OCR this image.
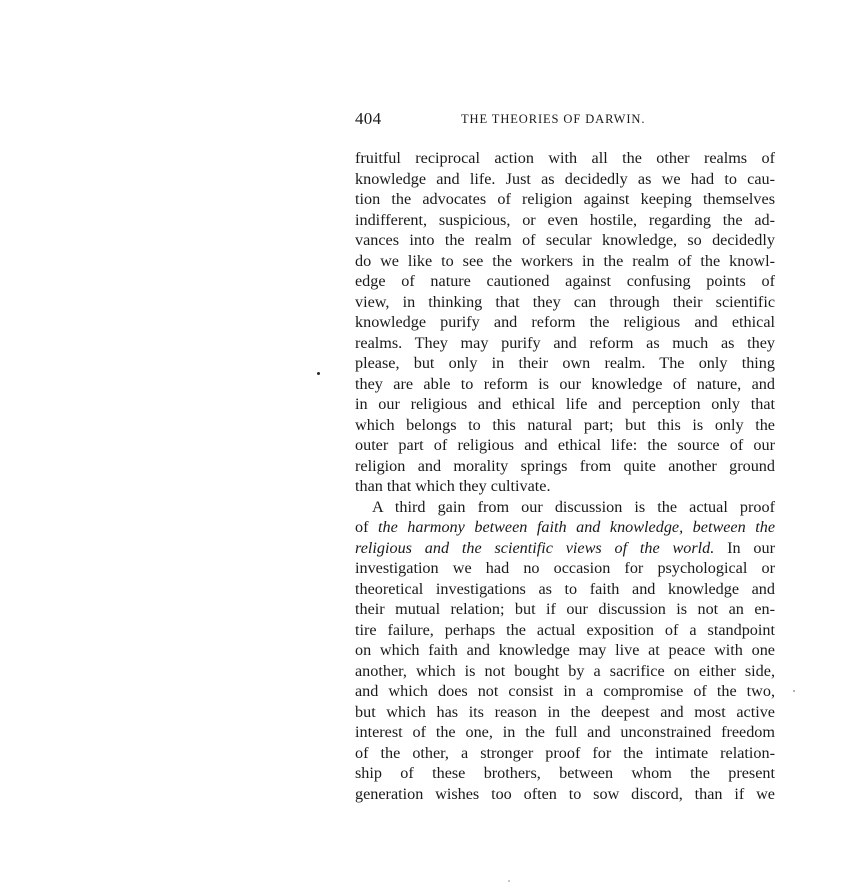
404	THE THEORIES OF DARWIN.
fruitful reciprocal action with all the other realms of
knowledge and life. Just as decidedly as we had to cau-
tion the advocates of religion against keeping themselves
indifferent, suspicious, or even hostile, regarding the ad-
vances into the realm of secular knowledge, so decidedly
do we like to see the workers in the realm of the knowl-
edge of nature cautioned against confusing points of
view, in thinking that they can through their scientific
knowledge purify and reform the religious and ethical
realms. They may purify and reform as much as they
please, but only in their own realm. The only thing
they are able to reform is our knowledge of nature, and
in our religious and ethical life and perception only that
which belongs to this natural part; but this is only the
outer part of religious and ethical life: the source of our
religion and morality springs from quite another ground
than that which they cultivate.
A third gain from our discussion is the actual proof
of the harmony between faith and knowledge, between the
religious and the scientific views of the world. In our
investigation we had no occasion for psychological or
theoretical investigations as to faith and knowledge and
their mutual relation; but if our discussion is not an en-
tire failure, perhaps the actual exposition of a standpoint
on which faith and knowledge may live at peace with one
another, which is not bought by a sacrifice on either side,
and which does not consist in a compromise of the two,
but which has its reason in the deepest and most active
interest of the one, in the full and unconstrained freedom
of the other, a stronger proof for the intimate relation-
ship of these brothers, between whom the present
generation wishes too often to sow discord, than if we
